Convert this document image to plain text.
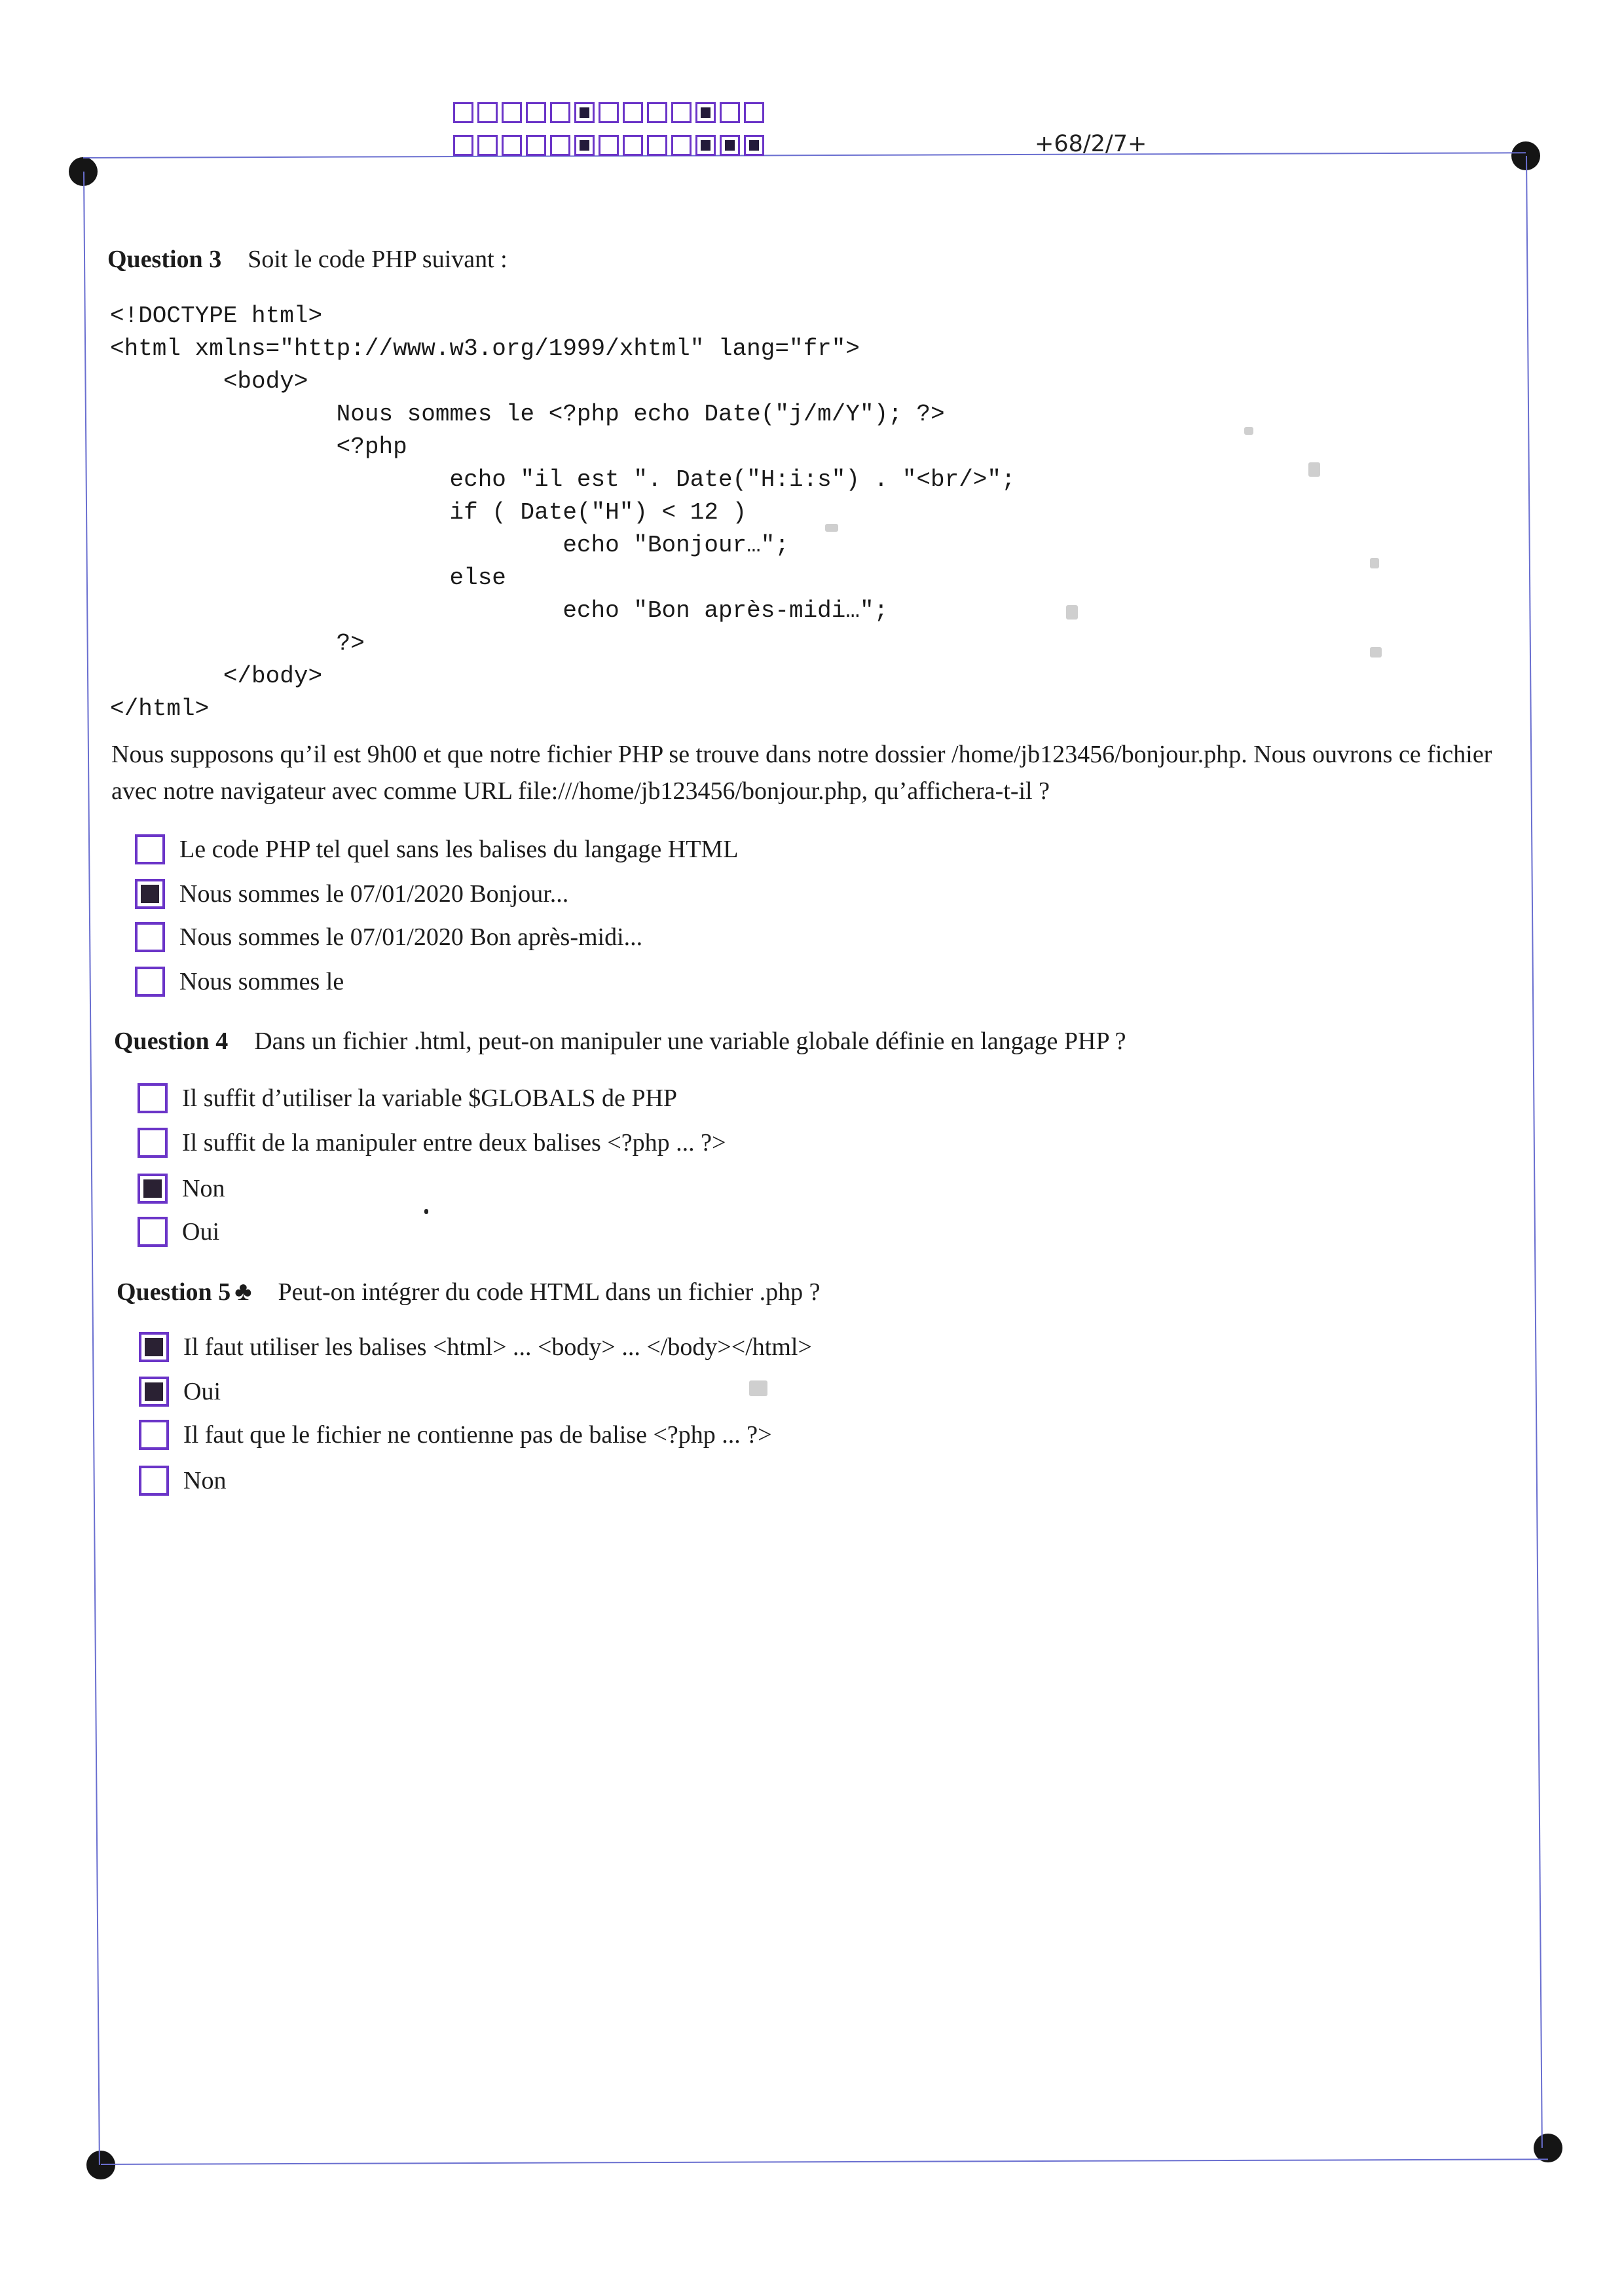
+68/2/7+
Question 3 Soit le code PHP suivant :
<!DOCTYPE html>
<html xmlns="http://www.w3.org/1999/xhtml" lang="fr">
<body>
Nous sommes le <?php echo Date("j/m/Y"); ?>
<?php
echo "il est ". Date("H:i:s") . "<br/>";
if ( Date("H") < 12 )
echo "Bonjour…";
else
echo "Bon après-midi…";
?>
</body>
</html>
Nous supposons qu’il est 9h00 et que notre fichier PHP se trouve dans notre dossier /home/jb123456/bonjour.php. Nous ouvrons ce fichier avec notre navigateur avec comme URL file:///home/jb123456/bonjour.php, qu’affichera-t-il ?
Le code PHP tel quel sans les balises du langage HTML
Nous sommes le 07/01/2020 Bonjour...
Nous sommes le 07/01/2020 Bon après-midi...
Nous sommes le
Question 4 Dans un fichier .html, peut-on manipuler une variable globale définie en langage PHP ?
Il suffit d’utiliser la variable $GLOBALS de PHP
Il suffit de la manipuler entre deux balises <?php ... ?>
Non
Oui
Question 5 ♣ Peut-on intégrer du code HTML dans un fichier .php ?
Il faut utiliser les balises <html> ... <body> ... </body></html>
Oui
Il faut que le fichier ne contienne pas de balise <?php ... ?>
Non
